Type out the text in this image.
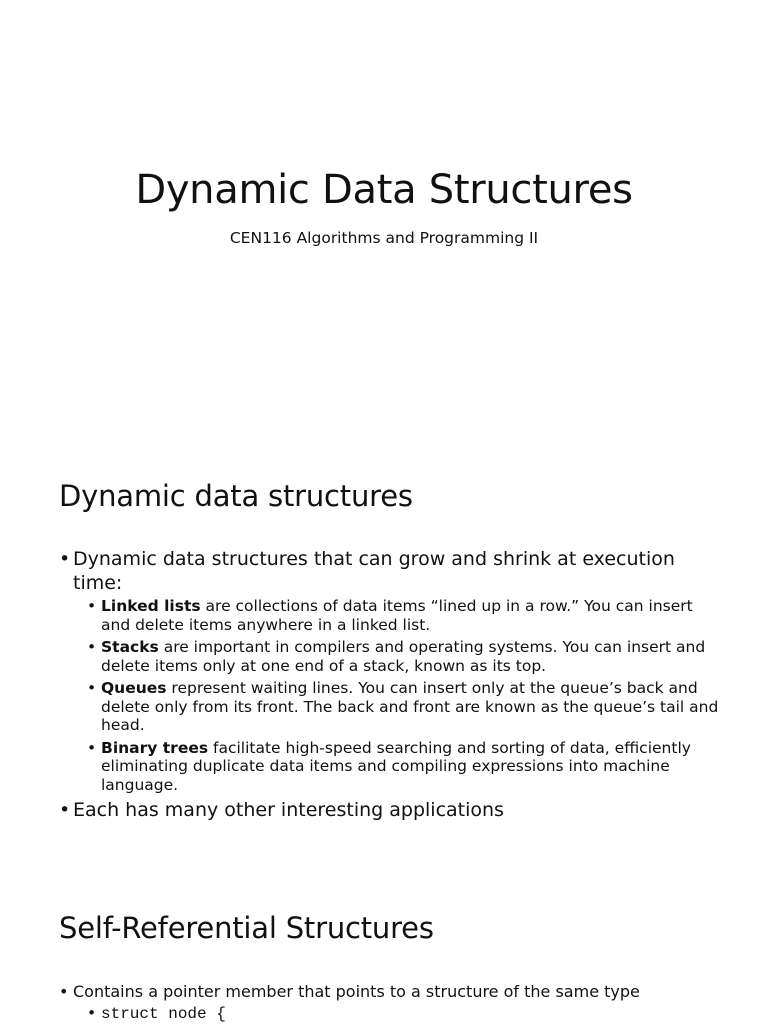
Dynamic Data Structures

CEN116 Algorithms and Programming II

Dynamic data structures
• Dynamic data structures that can grow and shrink at execution time:
• Linked lists are collections of data items “lined up in a row.” You can insert and delete items anywhere in a linked list.
• Stacks are important in compilers and operating systems. You can insert and delete items only at one end of a stack, known as its top.
• Queues represent waiting lines. You can insert only at the queue’s back and delete only from its front. The back and front are known as the queue’s tail and head.
• Binary trees facilitate high-speed searching and sorting of data, efficiently eliminating duplicate data items and compiling expressions into machine language.
• Each has many other interesting applications
Self-Referential Structures
• Contains a pointer member that points to a structure of the same type
• struct node {
